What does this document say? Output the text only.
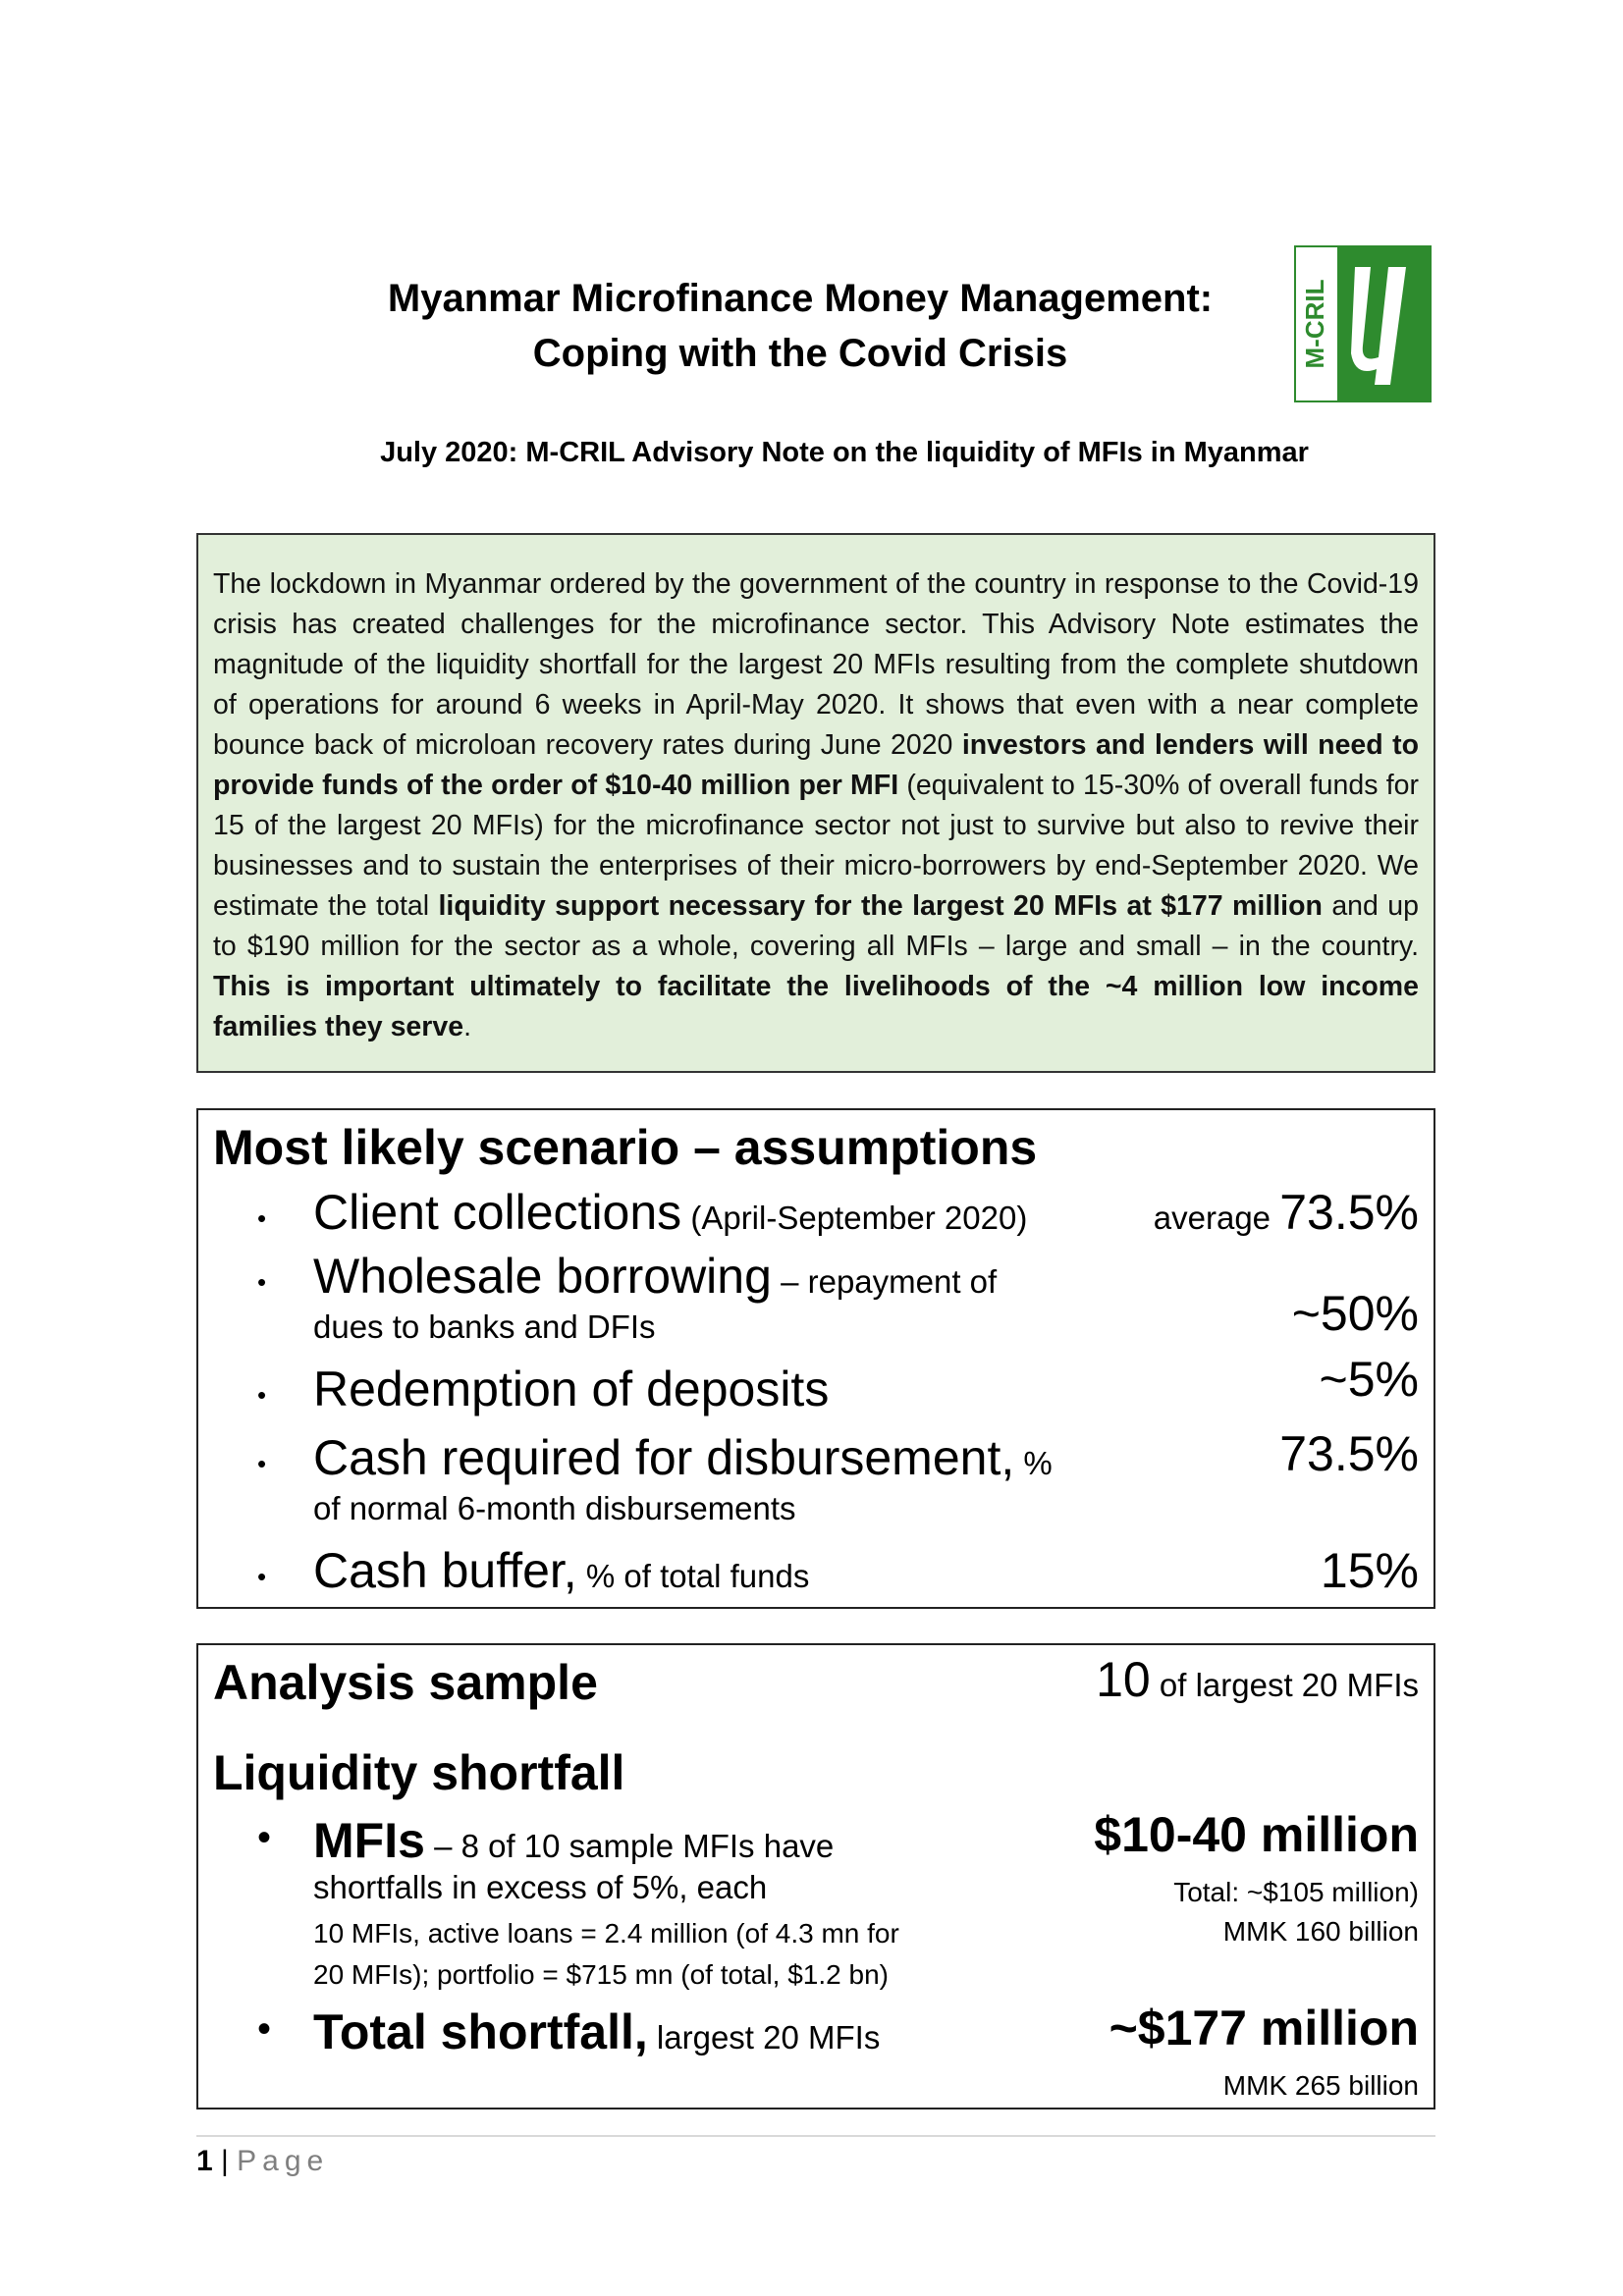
Myanmar Microfinance Money Management:
Coping with the Covid Crisis	M-CRIL
July 2020: M-CRIL Advisory Note on the liquidity of MFIs in Myanmar

The lockdown in Myanmar ordered by the government of the country in response to the Covid-19 crisis has created challenges for the microfinance sector. This Advisory Note estimates the magnitude of the liquidity shortfall for the largest 20 MFIs resulting from the complete shutdown of operations for around 6 weeks in April-May 2020. It shows that even with a near complete bounce back of microloan recovery rates during June 2020 investors and lenders will need to provide funds of the order of $10-40 million per MFI (equivalent to 15-30% of overall funds for 15 of the largest 20 MFIs) for the microfinance sector not just to survive but also to revive their businesses and to sustain the enterprises of their micro-borrowers by end-September 2020. We estimate the total liquidity support necessary for the largest 20 MFIs at $177 million and up to $190 million for the sector as a whole, covering all MFIs – large and small – in the country. This is important ultimately to facilitate the livelihoods of the ~4 million low income families they serve.

Most likely scenario – assumptions
• Client collections (April-September 2020)	average 73.5%
• Wholesale borrowing – repayment of
dues to banks and DFIs	~50%
• Redemption of deposits	~5%
• Cash required for disbursement, %
of normal 6-month disbursements
73.5%
• Cash buffer, % of total funds	15%
Analysis sample	10 of largest 20 MFIs
Liquidity shortfall
• MFIs – 8 of 10 sample MFIs have
shortfalls in excess of 5%, each
10 MFIs, active loans = 2.4 million (of 4.3 mn for
20 MFIs); portfolio = $715 mn (of total, $1.2 bn)
$10-40 million
Total: ~$105 million)
MMK 160 billion
• Total shortfall, largest 20 MFIs	~$177 million
MMK 265 billion
1 | Page
